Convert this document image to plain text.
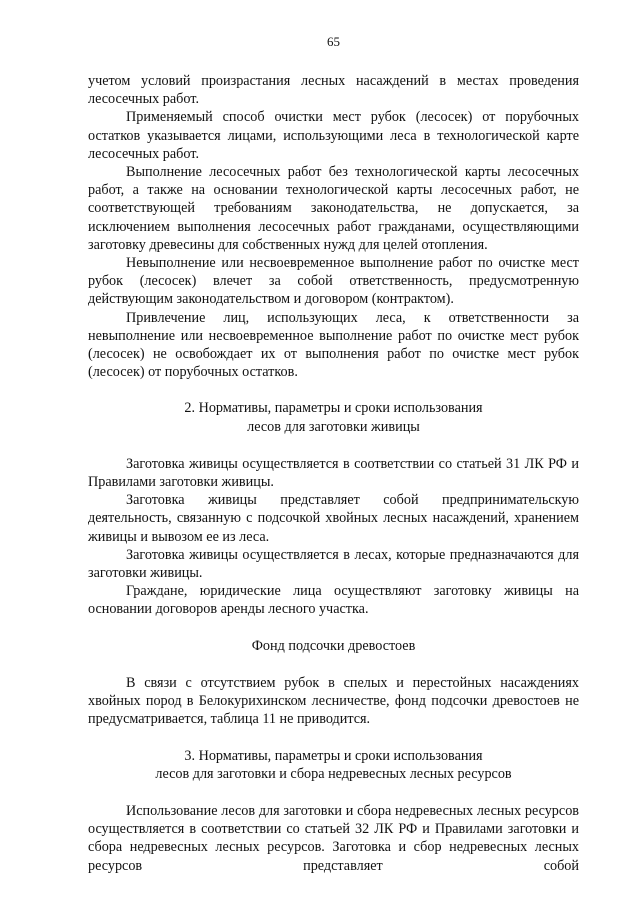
65

учетом условий произрастания лесных насаждений в местах проведения лесосечных работ.

Применяемый способ очистки мест рубок (лесосек) от порубочных остатков указывается лицами, использующими леса в технологической карте лесосечных работ.

Выполнение лесосечных работ без технологической карты лесосечных работ, а также на основании технологической карты лесосечных работ, не соответствующей требованиям законодательства, не допускается, за исключением выполнения лесосечных работ гражданами, осуществляющими заготовку древесины для собственных нужд для целей отопления.

Невыполнение или несвоевременное выполнение работ по очистке мест рубок (лесосек) влечет за собой ответственность, предусмотренную действующим законодательством и договором (контрактом).

Привлечение лиц, использующих леса, к ответственности за невыполнение или несвоевременное выполнение работ по очистке мест рубок (лесосек) не освобождает их от выполнения работ по очистке мест рубок (лесосек) от порубочных остатков.

2. Нормативы, параметры и сроки использования
лесов для заготовки живицы

Заготовка живицы осуществляется в соответствии со статьей 31 ЛК РФ и Правилами заготовки живицы.

Заготовка живицы представляет собой предпринимательскую деятельность, связанную с подсочкой хвойных лесных насаждений, хранением живицы и вывозом ее из леса.

Заготовка живицы осуществляется в лесах, которые предназначаются для заготовки живицы.

Граждане, юридические лица осуществляют заготовку живицы на основании договоров аренды лесного участка.

Фонд подсочки древостоев

В связи с отсутствием рубок в спелых и перестойных насаждениях хвойных пород в Белокурихинском лесничестве, фонд подсочки древостоев не предусматривается, таблица 11 не приводится.

3. Нормативы, параметры и сроки использования
лесов для заготовки и сбора недревесных лесных ресурсов

Использование лесов для заготовки и сбора недревесных лесных ресурсов осуществляется в соответствии со статьей 32 ЛК РФ и Правилами заготовки и сбора недревесных лесных ресурсов. Заготовка и сбор недревесных лесных ресурсов представляет собой
